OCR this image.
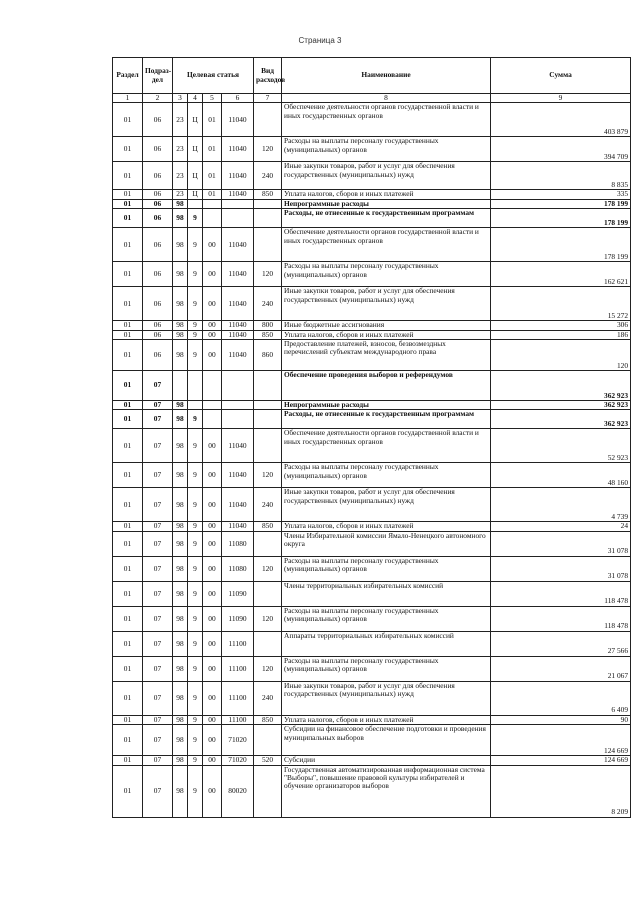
Страница 3
Раздел	Подраз-дел	Целевая статья				Вид расходов	Наименование	Сумма
1	2	3	4	5	6	7	8	9
01	06	23	Ц	01	11040		Обеспечение деятельности органов государственной власти и иных государственных органов	403 879
01	06	23	Ц	01	11040	120	Расходы на выплаты персоналу государственных (муниципальных) органов	394 709
01	06	23	Ц	01	11040	240	Иные закупки товаров, работ и услуг для обеспечения государственных (муниципальных) нужд	8 835
01	06	23	Ц	01	11040	850	Уплата налогов, сборов и иных платежей	335
01	06	98					Непрограммные расходы	178 199
01	06	98	9				Расходы, не отнесенные к государственным программам	178 199
01	06	98	9	00	11040		Обеспечение деятельности органов государственной власти и иных государственных органов	178 199
01	06	98	9	00	11040	120	Расходы на выплаты персоналу государственных (муниципальных) органов	162 621
01	06	98	9	00	11040	240	Иные закупки товаров, работ и услуг для обеспечения государственных (муниципальных) нужд	15 272
01	06	98	9	00	11040	800	Иные бюджетные ассигнования	306
01	06	98	9	00	11040	850	Уплата налогов, сборов и иных платежей	186
01	06	98	9	00	11040	860	Предоставление платежей, взносов, безвозмездных перечислений субъектам международного права	120
01	07						Обеспечение проведения выборов и референдумов	362 923
01	07	98					Непрограммные расходы	362 923
01	07	98	9				Расходы, не отнесенные к государственным программам	362 923
01	07	98	9	00	11040		Обеспечение деятельности органов государственной власти и иных государственных органов	52 923
01	07	98	9	00	11040	120	Расходы на выплаты персоналу государственных (муниципальных) органов	48 160
01	07	98	9	00	11040	240	Иные закупки товаров, работ и услуг для обеспечения государственных (муниципальных) нужд	4 739
01	07	98	9	00	11040	850	Уплата налогов, сборов и иных платежей	24
01	07	98	9	00	11080		Члены Избирательной комиссии Ямало-Ненецкого автономного округа	31 078
01	07	98	9	00	11080	120	Расходы на выплаты персоналу государственных (муниципальных) органов	31 078
01	07	98	9	00	11090		Члены территориальных избирательных комиссий	118 478
01	07	98	9	00	11090	120	Расходы на выплаты персоналу государственных (муниципальных) органов	118 478
01	07	98	9	00	11100		Аппараты территориальных избирательных комиссий	27 566
01	07	98	9	00	11100	120	Расходы на выплаты персоналу государственных (муниципальных) органов	21 067
01	07	98	9	00	11100	240	Иные закупки товаров, работ и услуг для обеспечения государственных (муниципальных) нужд	6 409
01	07	98	9	00	11100	850	Уплата налогов, сборов и иных платежей	90
01	07	98	9	00	71020		Субсидии на финансовое обеспечение подготовки и проведения муниципальных выборов	124 669
01	07	98	9	00	71020	520	Субсидии	124 669
01	07	98	9	00	80020		Государственная автоматизированная информационная система "Выборы", повышение правовой культуры избирателей и обучение организаторов выборов	8 209
